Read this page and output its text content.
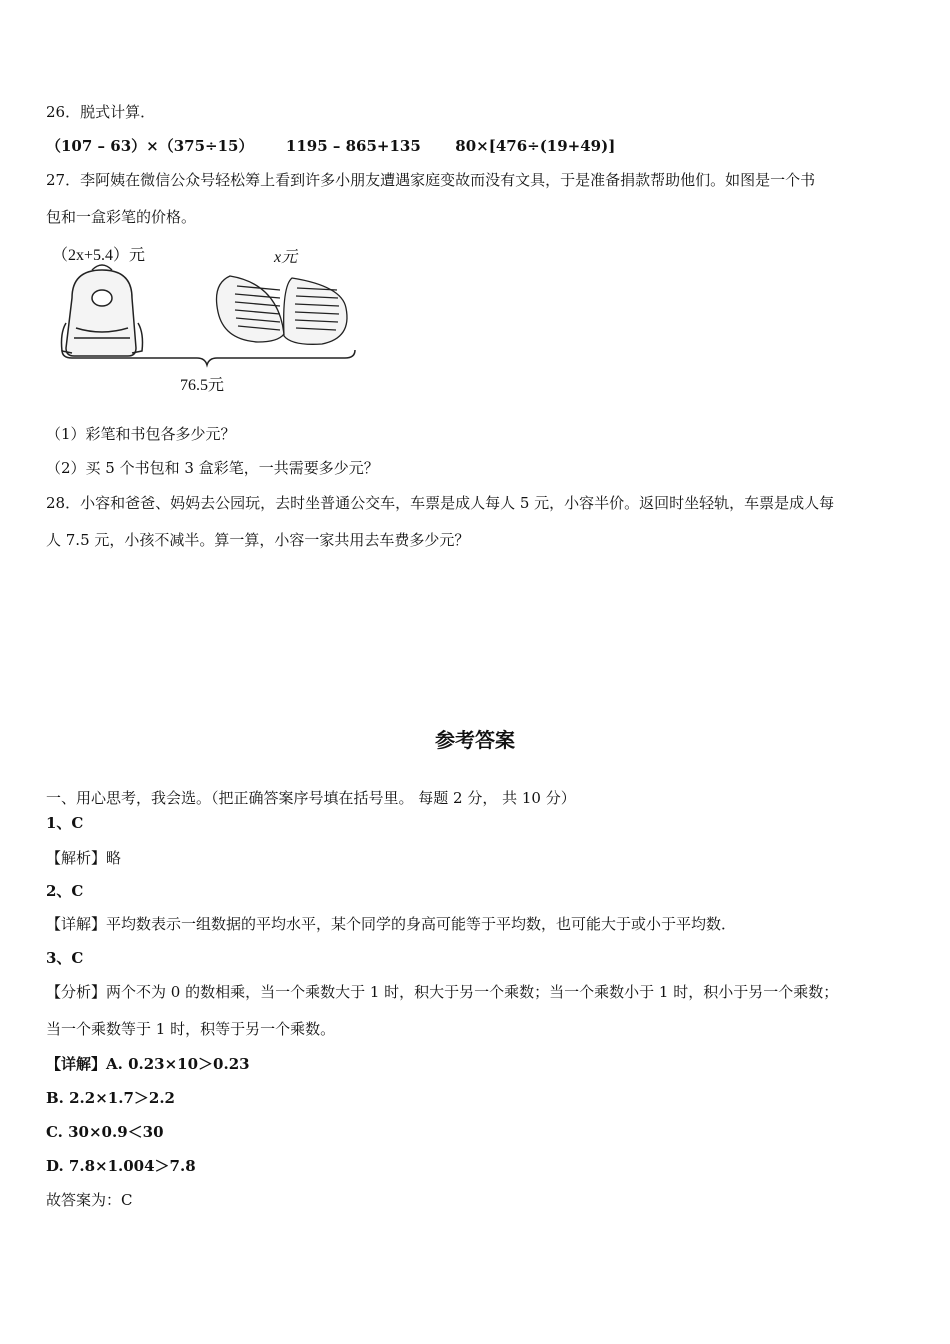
26．脱式计算．
（107 – 63）×（375÷15） 1195 – 865+135 80×[476÷(19+49)]
27．李阿姨在微信公众号轻松筹上看到许多小朋友遭遇家庭变故而没有文具，于是准备捐款帮助他们。如图是一个书
包和一盒彩笔的价格。
（2x+5.4）元	x元
76.5元
（1）彩笔和书包各多少元？
（2）买 5 个书包和 3 盒彩笔，一共需要多少元？
28．小容和爸爸、妈妈去公园玩，去时坐普通公交车，车票是成人每人 5 元，小容半价。返回时坐轻轨，车票是成人每
人 7.5 元，小孩不减半。算一算，小容一家共用去车费多少元？
参考答案
一、用心思考，我会选。（把正确答案序号填在括号里。 每题 2 分， 共 10 分）
1、C
【解析】略
2、C
【详解】平均数表示一组数据的平均水平，某个同学的身高可能等于平均数，也可能大于或小于平均数．
3、C
【分析】两个不为 0 的数相乘，当一个乘数大于 1 时，积大于另一个乘数；当一个乘数小于 1 时，积小于另一个乘数；
当一个乘数等于 1 时，积等于另一个乘数。
【详解】A. 0.23×10＞0.23
B. 2.2×1.7＞2.2
C. 30×0.9＜30
D. 7.8×1.004＞7.8
故答案为：C
